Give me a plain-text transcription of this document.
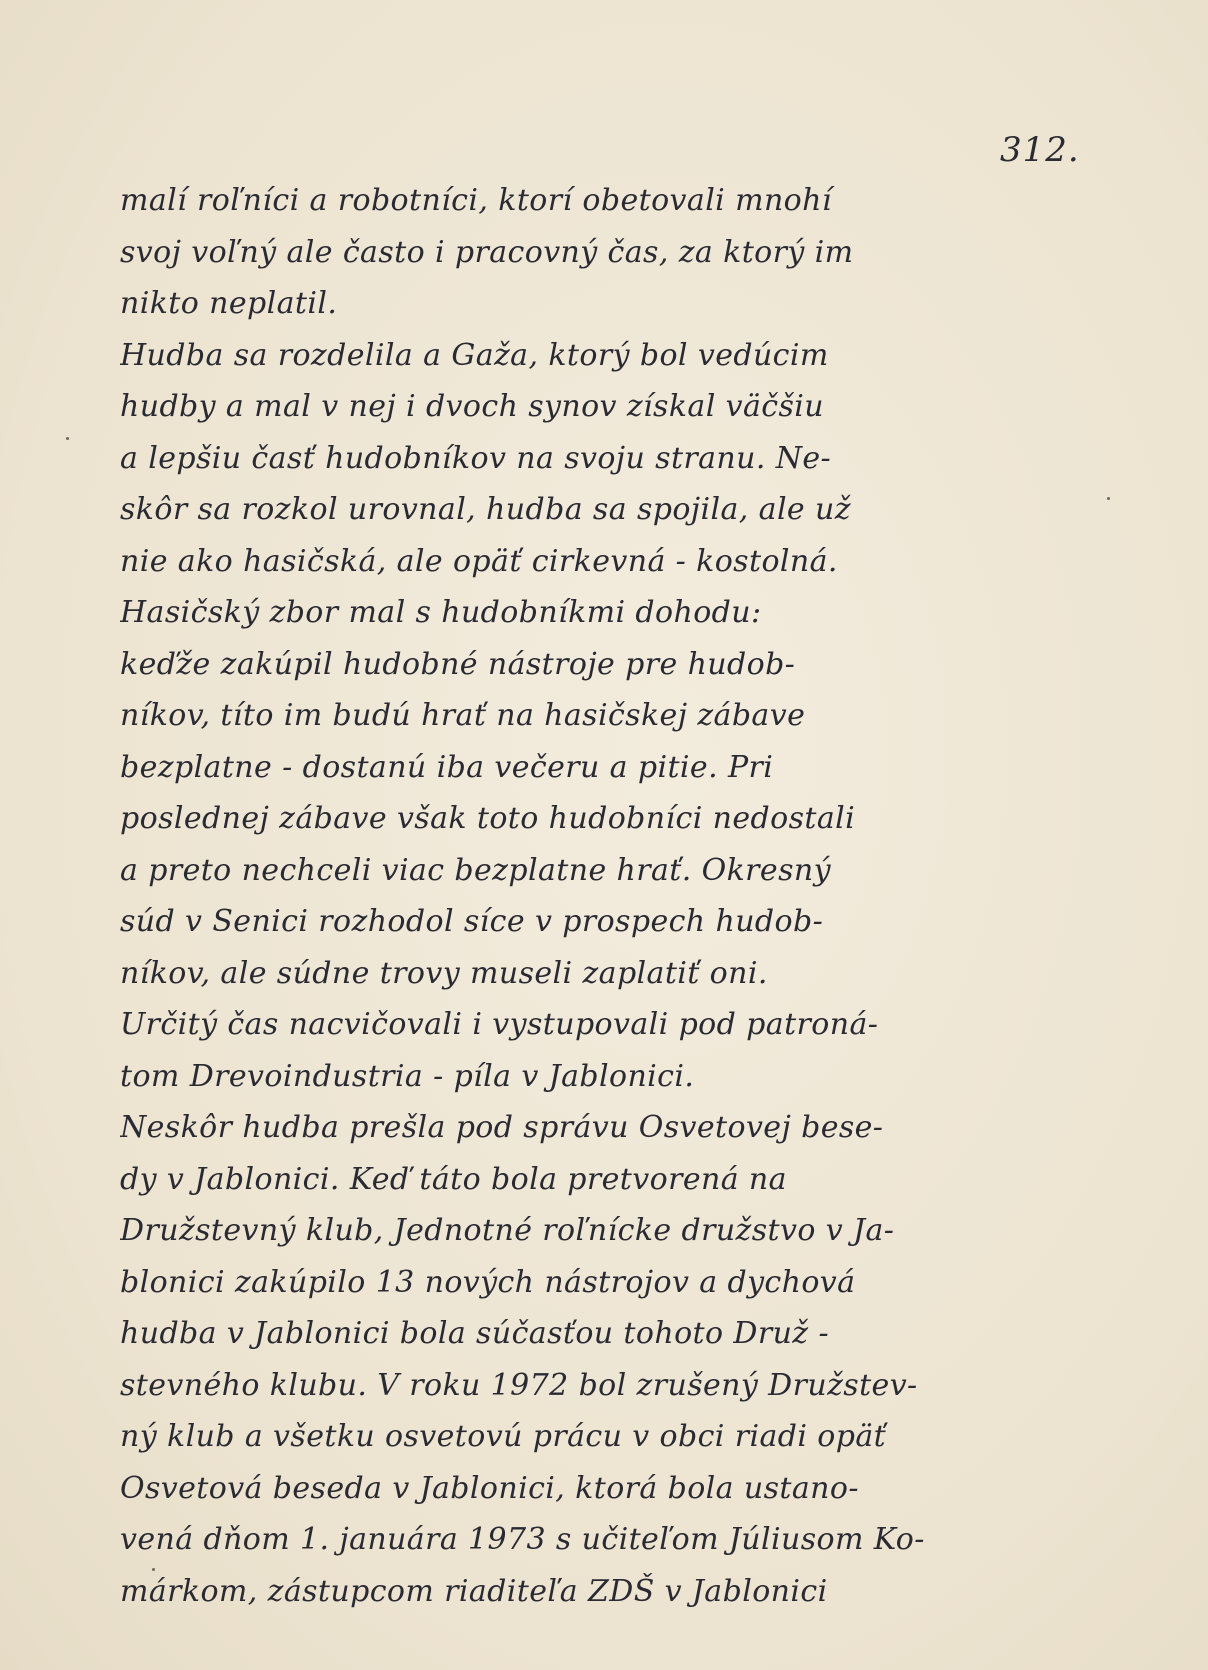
312.
malí roľníci a robotníci, ktorí obetovali mnohí
svoj voľný ale často i pracovný čas, za ktorý im
nikto neplatil.
Hudba sa rozdelila a Gaža, ktorý bol vedúcim
hudby a mal v nej i dvoch synov získal väčšiu
a lepšiu časť hudobníkov na svoju stranu. Ne-
skôr sa rozkol urovnal, hudba sa spojila, ale už
nie ako hasičská, ale opäť cirkevná - kostolná.
Hasičský zbor mal s hudobníkmi dohodu:
keďže zakúpil hudobné nástroje pre hudob-
níkov, títo im budú hrať na hasičskej zábave
bezplatne - dostanú iba večeru a pitie. Pri
poslednej zábave však toto hudobníci nedostali
a preto nechceli viac bezplatne hrať. Okresný
súd v Senici rozhodol síce v prospech hudob-
níkov, ale súdne trovy museli zaplatiť oni.
Určitý čas nacvičovali i vystupovali pod patroná-
tom Drevoindustria - píla v Jablonici.
Neskôr hudba prešla pod správu Osvetovej bese-
dy v Jablonici. Keď táto bola pretvorená na
Družstevný klub, Jednotné roľnícke družstvo v Ja-
blonici zakúpilo 13 nových nástrojov a dychová
hudba v Jablonici bola súčasťou tohoto Druž -
stevného klubu. V roku 1972 bol zrušený Družstev-
ný klub a všetku osvetovú prácu v obci riadi opäť
Osvetová beseda v Jablonici, ktorá bola ustano-
vená dňom 1. januára 1973 s učiteľom Júliusom Ko-
márkom, zástupcom riaditeľa ZDŠ v Jablonici
